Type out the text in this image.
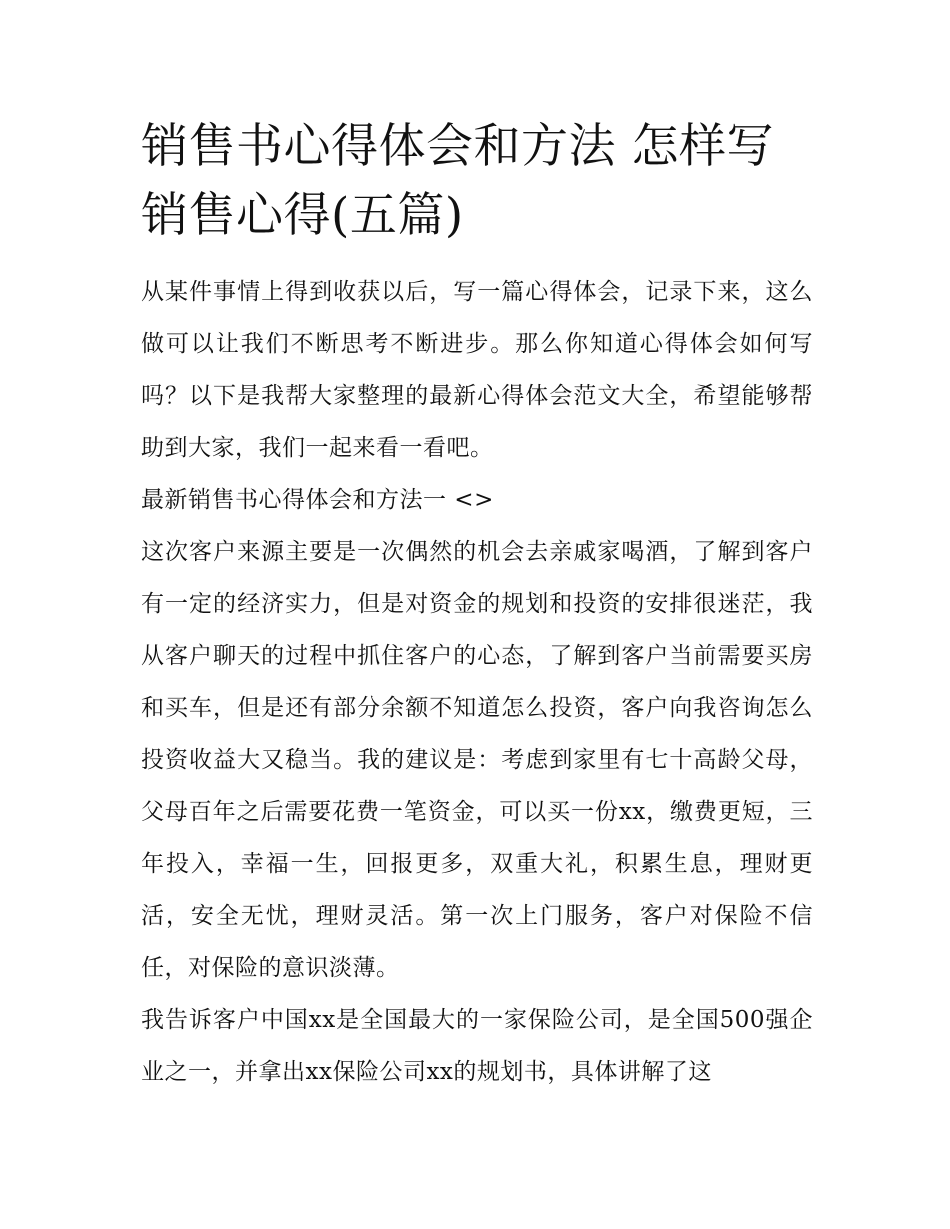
销售书心得体会和方法 怎样写销售心得(五篇)

从某件事情上得到收获以后，写一篇心得体会，记录下来，这么做可以让我们不断思考不断进步。那么你知道心得体会如何写吗？以下是我帮大家整理的最新心得体会范文大全，希望能够帮助到大家，我们一起来看一看吧。

最新销售书心得体会和方法一 <>

这次客户来源主要是一次偶然的机会去亲戚家喝酒，了解到客户有一定的经济实力，但是对资金的规划和投资的安排很迷茫，我从客户聊天的过程中抓住客户的心态，了解到客户当前需要买房和买车，但是还有部分余额不知道怎么投资，客户向我咨询怎么投资收益大又稳当。我的建议是：考虑到家里有七十高龄父母，父母百年之后需要花费一笔资金，可以买一份xx，缴费更短，三年投入，幸福一生，回报更多，双重大礼，积累生息，理财更活，安全无忧，理财灵活。第一次上门服务，客户对保险不信任，对保险的意识淡薄。

我告诉客户中国xx是全国最大的一家保险公司，是全国500强企业之一，并拿出xx保险公司xx的规划书，具体讲解了这
